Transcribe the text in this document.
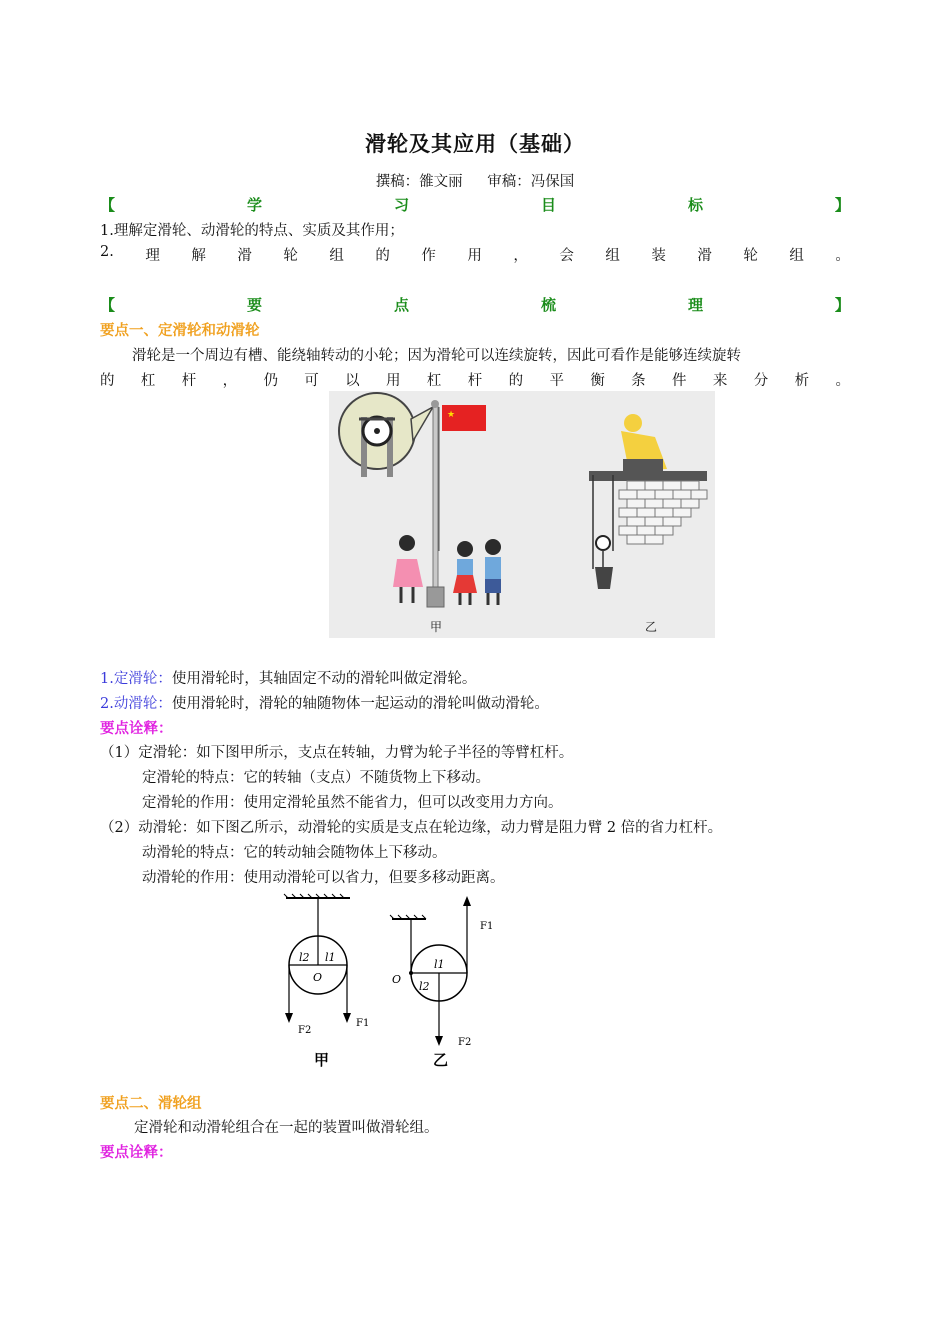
滑轮及其应用（基础）
撰稿：雒文丽 审稿：冯保国
【	学	习	目	标	】
1.理解定滑轮、动滑轮的特点、实质及其作用；
2. 理 解 滑 轮 组 的 作 用 ， 会 组 装 滑 轮 组 。
【	要	点	梳	理	】
要点一、定滑轮和动滑轮
滑轮是一个周边有槽、能绕轴转动的小轮；因为滑轮可以连续旋转，因此可看作是能够连续旋转
的 杠 杆 ， 仍 可 以 用 杠 杆 的 平 衡 条 件 来 分 析 。
★
甲	乙
1.定滑轮：使用滑轮时，其轴固定不动的滑轮叫做定滑轮。
2.动滑轮：使用滑轮时，滑轮的轴随物体一起运动的滑轮叫做动滑轮。
要点诠释：
（1）定滑轮：如下图甲所示，支点在转轴，力臂为轮子半径的等臂杠杆。
定滑轮的特点：它的转轴（支点）不随货物上下移动。
定滑轮的作用：使用定滑轮虽然不能省力，但可以改变用力方向。
（2）动滑轮：如下图乙所示，动滑轮的实质是支点在轮边缘，动力臂是阻力臂 2 倍的省力杠杆。
动滑轮的特点：它的转动轴会随物体上下移动。
动滑轮的作用：使用动滑轮可以省力，但要多移动距离。
l2 l1
O
F2
F1
甲
O
l1
l2
F1
F2
乙
要点二、滑轮组
定滑轮和动滑轮组合在一起的装置叫做滑轮组。
要点诠释：
